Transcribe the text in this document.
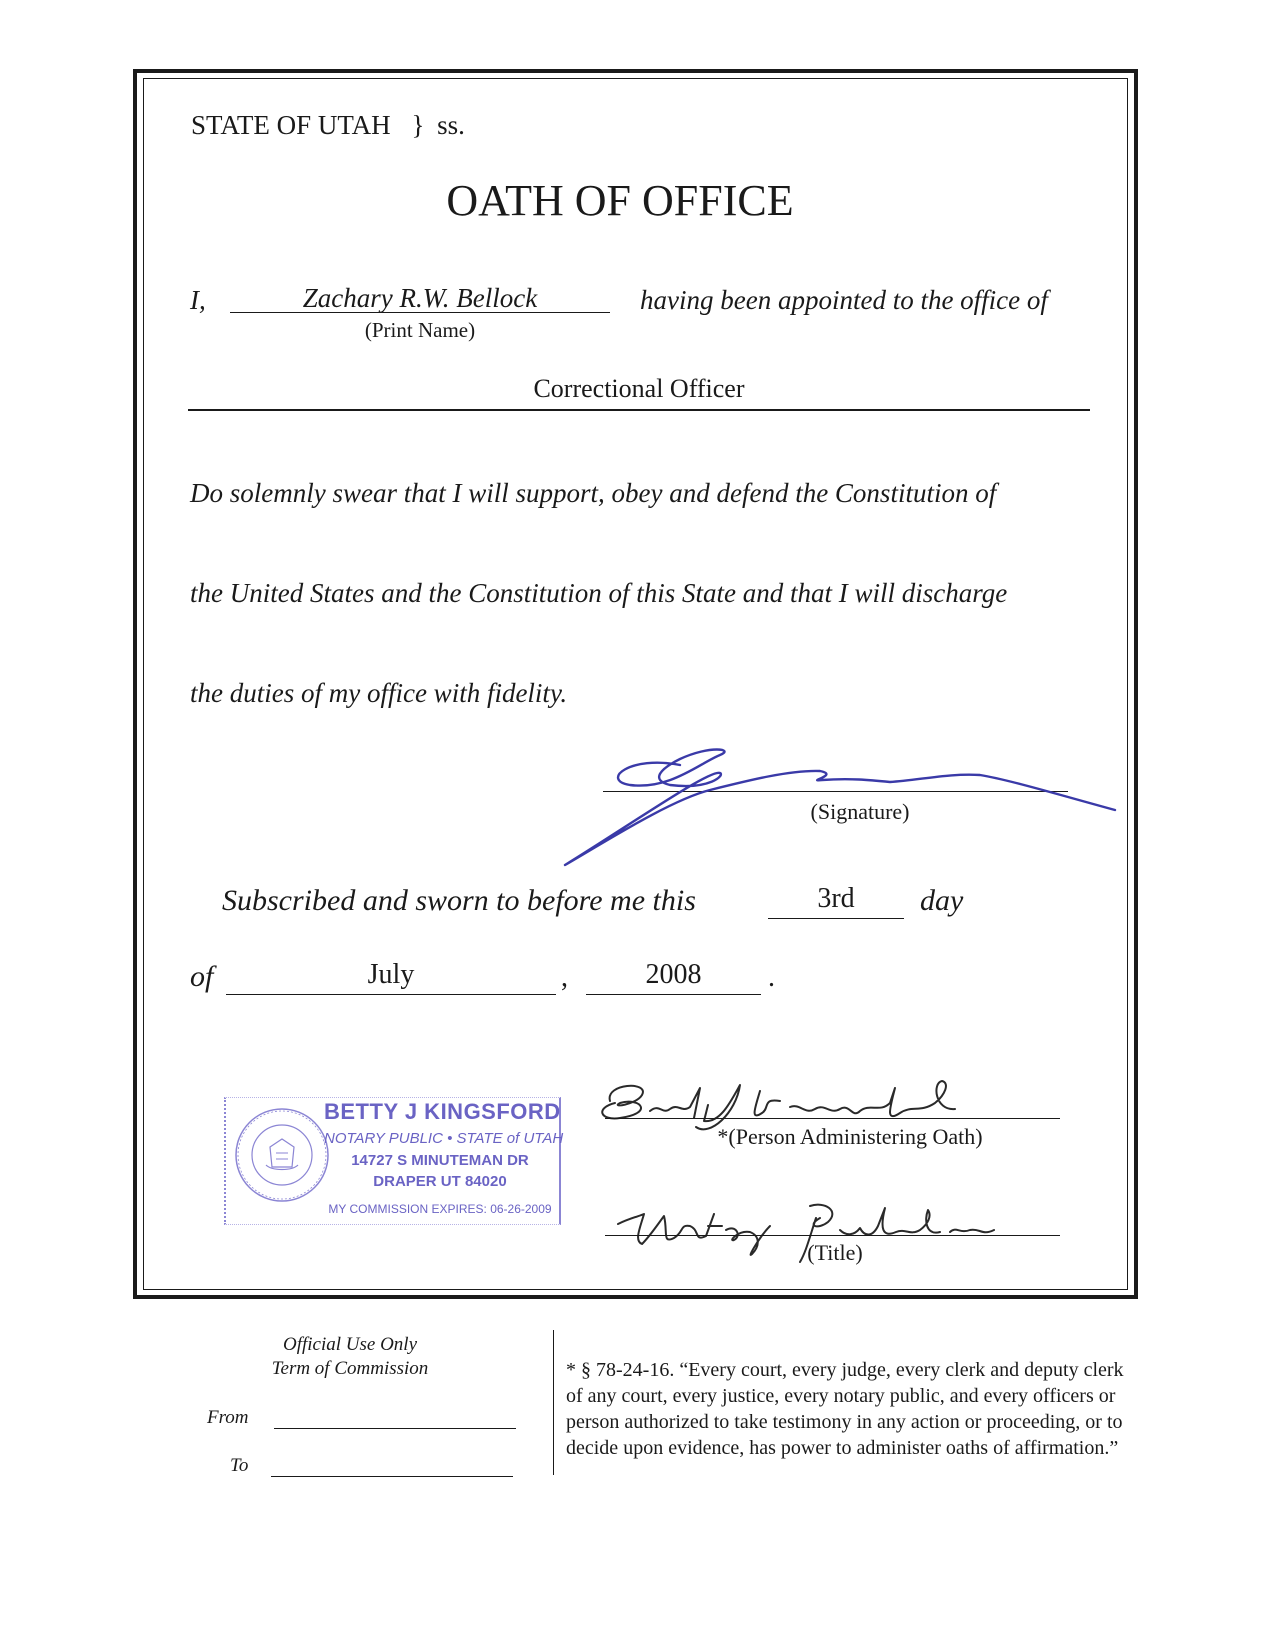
STATE OF UTAH } ss.
OATH OF OFFICE
I,	Zachary R.W. Bellock
(Print Name)
having been appointed to the office of
Correctional Officer
Do solemnly swear that I will support, obey and defend the Constitution of
the United States and the Constitution of this State and that I will discharge
the duties of my office with fidelity.
(Signature)
Subscribed and sworn to before me this	3rd	day
of	July	,	2008	.
BETTY J KINGSFORD
NOTARY PUBLIC • STATE of UTAH
14727 S MINUTEMAN DR
DRAPER UT 84020
MY COMMISSION EXPIRES: 06-26-2009
*(Person Administering Oath)
(Title)
Official Use Only
Term of Commission
From
To
* § 78-24-16. “Every court, every judge, every clerk and deputy clerk of any court, every justice, every notary public, and every officers or person authorized to take testimony in any action or proceeding, or to decide upon evidence, has power to administer oaths of affirmation.”
